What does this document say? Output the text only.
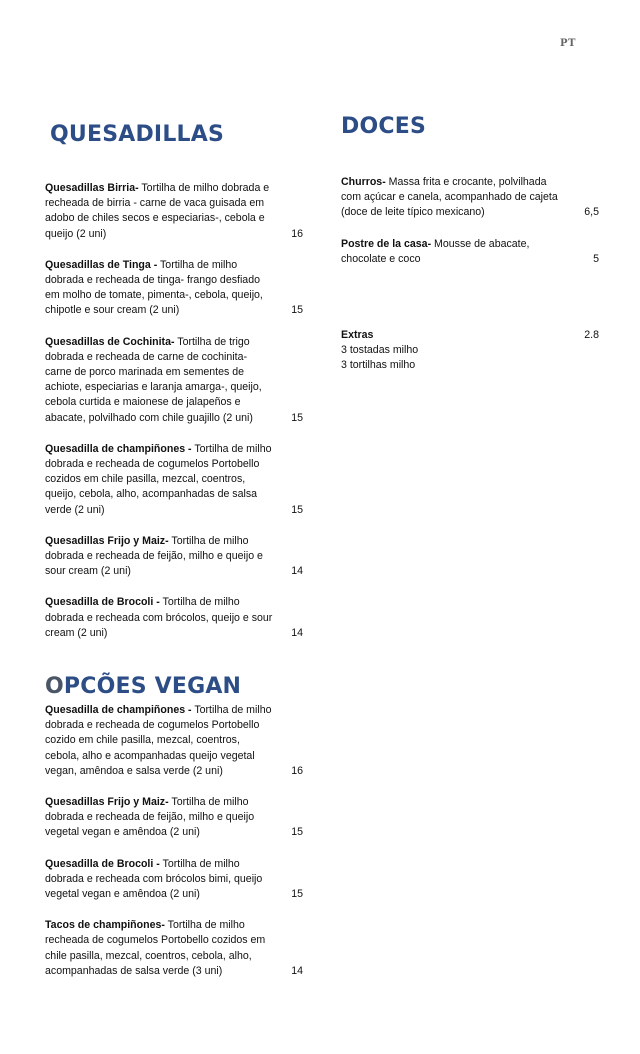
PT
QUESADILLAS
Quesadillas Birria- Tortilha de milho dobrada e recheada de birria - carne de vaca guisada em adobo de chiles secos e especiarias-, cebola e queijo (2 uni)	16
Quesadillas de Tinga - Tortilha de milho dobrada e recheada de tinga- frango desfiado em molho de tomate, pimenta-, cebola, queijo, chipotle e sour cream (2 uni)	15
Quesadillas de Cochinita- Tortilha de trigo dobrada e recheada de carne de cochinita- carne de porco marinada em sementes de achiote, especiarias e laranja amarga-, queijo, cebola curtida e maionese de jalapeños e abacate, polvilhado com chile guajillo (2 uni)	15
Quesadilla de champiñones - Tortilha de milho dobrada e recheada de cogumelos Portobello cozidos em chile pasilla, mezcal, coentros, queijo, cebola, alho, acompanhadas de salsa verde (2 uni)	15
Quesadillas Frijo y Maiz- Tortilha de milho dobrada e recheada de feijão, milho e queijo e sour cream (2 uni)	14
Quesadilla de Brocoli - Tortilha de milho dobrada e recheada com brócolos, queijo e sour cream (2 uni)	14
OPCÕES VEGAN
Quesadilla de champiñones - Tortilha de milho dobrada e recheada de cogumelos Portobello cozido em chile pasilla, mezcal, coentros, cebola, alho e acompanhadas queijo vegetal vegan, amêndoa e salsa verde (2 uni)	16
Quesadillas Frijo y Maiz- Tortilha de milho dobrada e recheada de feijão, milho e queijo vegetal vegan e amêndoa (2 uni)	15
Quesadilla de Brocoli - Tortilha de milho dobrada e recheada com brócolos bimi, queijo vegetal vegan e amêndoa (2 uni)	15
Tacos de champiñones- Tortilha de milho recheada de cogumelos Portobello cozidos em chile pasilla, mezcal, coentros, cebola, alho, acompanhadas de salsa verde (3 uni)	14
DOCES
Churros- Massa frita e crocante, polvilhada com açúcar e canela, acompanhado de cajeta (doce de leite típico mexicano)	6,5
Postre de la casa- Mousse de abacate, chocolate e coco	5
Extras	2.8
3 tostadas milho
3 tortilhas milho
